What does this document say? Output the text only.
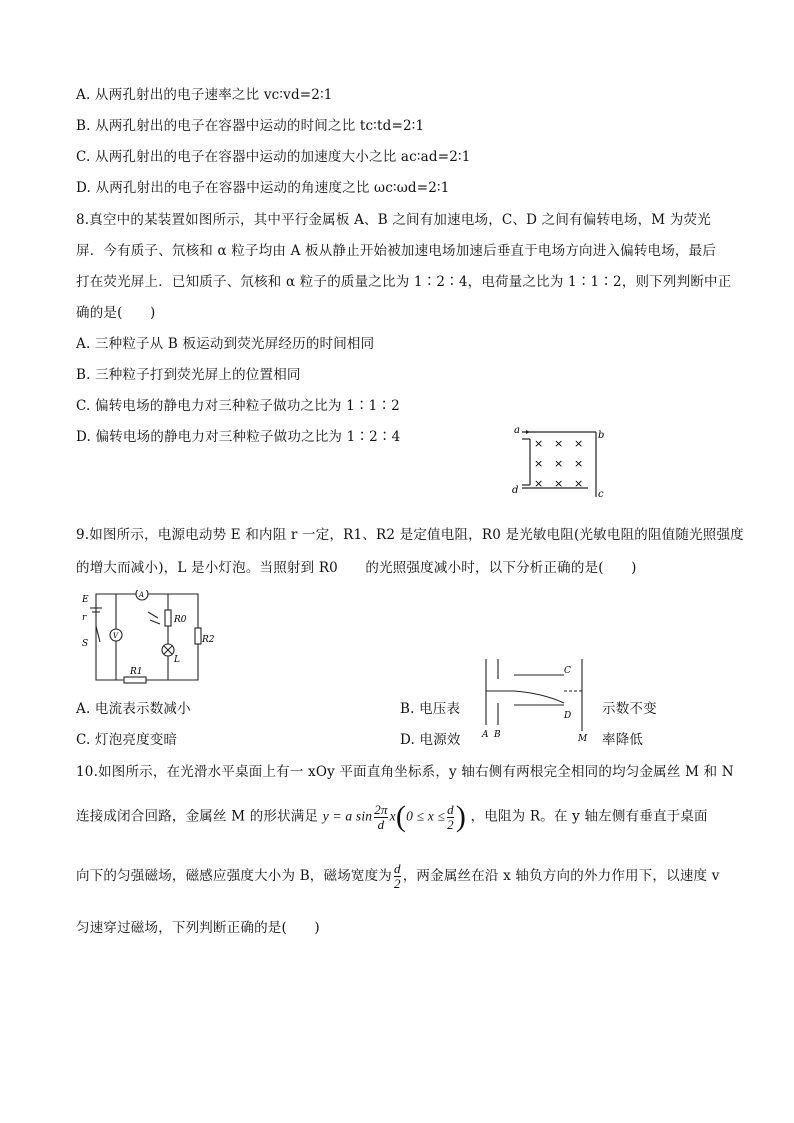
A. 从两孔射出的电子速率之比 vc∶vd=2∶1
B. 从两孔射出的电子在容器中运动的时间之比 tc∶td=2∶1
C. 从两孔射出的电子在容器中运动的加速度大小之比 ac∶ad=2∶1
D. 从两孔射出的电子在容器中运动的角速度之比 ωc∶ωd=2∶1
8.真空中的某装置如图所示，其中平行金属板 A、B 之间有加速电场，C、D 之间有偏转电场，M 为荧光
屏．今有质子、氘核和 α 粒子均由 A 板从静止开始被加速电场加速后垂直于电场方向进入偏转电场，最后
打在荧光屏上．已知质子、氘核和 α 粒子的质量之比为 1∶2∶4，电荷量之比为 1∶1∶2，则下列判断中正
确的是(　　)
A. 三种粒子从 B 板运动到荧光屏经历的时间相同
B. 三种粒子打到荧光屏上的位置相同
C. 偏转电场的静电力对三种粒子做功之比为 1∶1∶2
D. 偏转电场的静电力对三种粒子做功之比为 1∶2∶4	a	b
c
d
× × ×
× × ×
× × ×
9.如图所示，电源电动势 E 和内阻 r 一定，R1、R2 是定值电阻，R0 是光敏电阻(光敏电阻的阻值随光照强度
的增大而减小)，L 是小灯泡。当照射到 R0　　的光照强度减小时，以下分析正确的是(　　)
E
r
S
A
V
R0
L
R2
R1	C
D
A B	M
A. 电流表示数减小	B. 电压表	示数不变
C. 灯泡亮度变暗	D. 电源效	率降低
10.如图所示，在光滑水平桌面上有一 xOy 平面直角坐标系，y 轴右侧有两根完全相同的均匀金属丝 M 和 N
连接成闭合回路，金属丝 M 的形状满足 y = a $\sin \frac{2\pi}{d} x(0 \le x \le \frac{d}{2}$ ) ，电阻为 R。在 y 轴左侧有垂直于桌面
向下的匀强磁场，磁感应强度大小为 B，磁场宽度为 $\frac{d}{2}$ ，两金属丝在沿 x 轴负方向的外力作用下，以速度 v
匀速穿过磁场，下列判断正确的是(　　)
